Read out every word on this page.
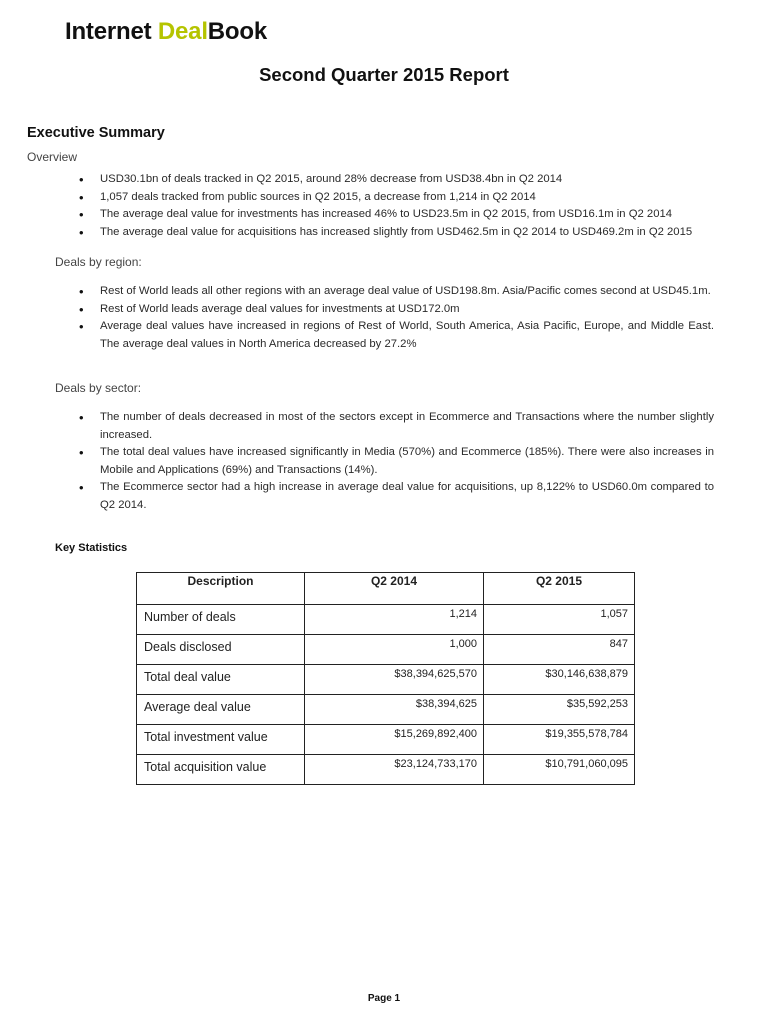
Internet DealBook
Second Quarter 2015 Report
Executive Summary
Overview
• USD30.1bn of deals tracked in Q2 2015, around 28% decrease from USD38.4bn in Q2 2014
• 1,057 deals tracked from public sources in Q2 2015, a decrease from 1,214 in Q2 2014
• The average deal value for investments has increased 46% to USD23.5m in Q2 2015, from USD16.1m in Q2 2014
• The average deal value for acquisitions has increased slightly from USD462.5m in Q2 2014 to USD469.2m in Q2 2015
Deals by region:
• Rest of World leads all other regions with an average deal value of USD198.8m. Asia/Pacific comes second at USD45.1m.
• Rest of World leads average deal values for investments at USD172.0m
• Average deal values have increased in regions of Rest of World, South America, Asia Pacific, Europe, and Middle East. The average deal values in North America decreased by 27.2%
Deals by sector:
• The number of deals decreased in most of the sectors except in Ecommerce and Transactions where the number slightly increased.
• The total deal values have increased significantly in Media (570%) and Ecommerce (185%). There were also increases in Mobile and Applications (69%) and Transactions (14%).
• The Ecommerce sector had a high increase in average deal value for acquisitions, up 8,122% to USD60.0m compared to Q2 2014.
Key Statistics
Description	Q2 2014	Q2 2015
Number of deals	1,214	1,057
Deals disclosed	1,000	847
Total deal value	$38,394,625,570	$30,146,638,879
Average deal value	$38,394,625	$35,592,253
Total investment value	$15,269,892,400	$19,355,578,784
Total acquisition value	$23,124,733,170	$10,791,060,095
Page 1
